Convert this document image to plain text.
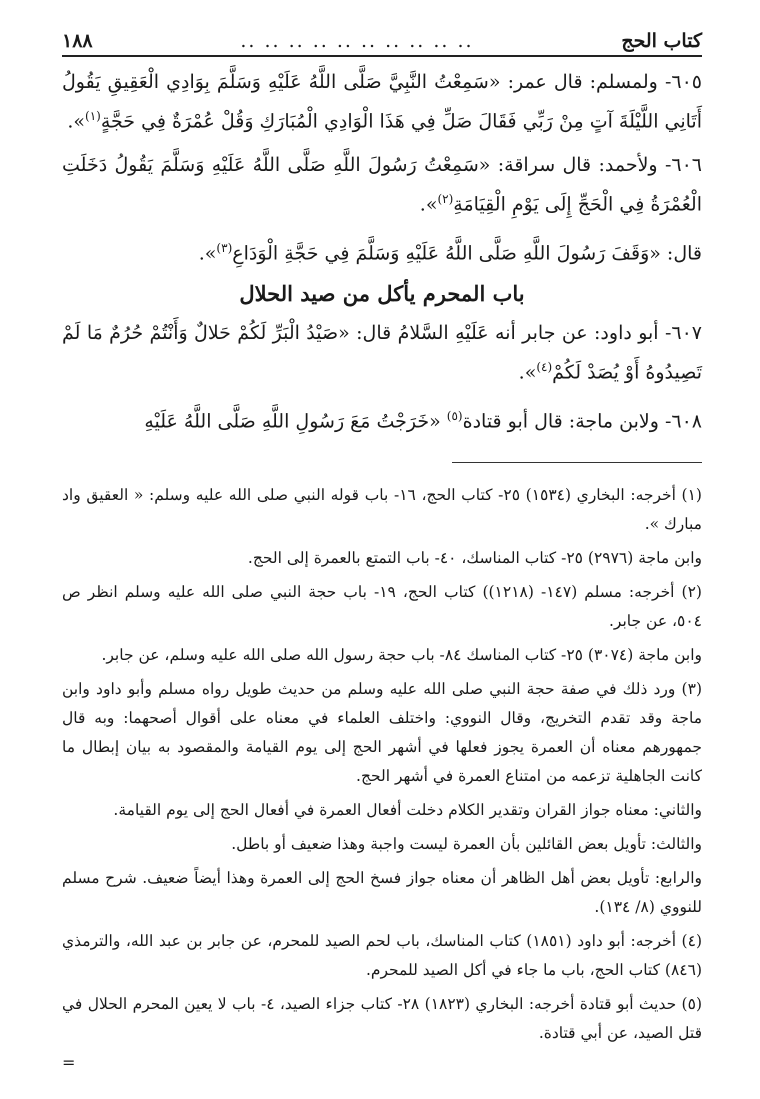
كتاب الحج
.. .. .. .. .. .. .. .. .. ..
١٨٨

٦٠٥- ولمسلم: قال عمر: «سَمِعْتُ النَّبِيَّ صَلَّى اللَّهُ عَلَيْهِ وَسَلَّمَ بِوَادِي الْعَقِيقِ يَقُولُ أَتَانِي اللَّيْلَةَ آتٍ مِنْ رَبِّي فَقَالَ صَلِّ فِي هَذَا الْوَادِي الْمُبَارَكِ وَقُلْ عُمْرَةٌ فِي حَجَّةٍ$^{(١)}$».

٦٠٦- ولأحمد: قال سراقة: «سَمِعْتُ رَسُولَ اللَّهِ صَلَّى اللَّهُ عَلَيْهِ وَسَلَّمَ يَقُولُ دَخَلَتِ الْعُمْرَةُ فِي الْحَجِّ إِلَى يَوْمِ الْقِيَامَةِ$^{(٢)}$».

قال: «وَقَفَ رَسُولَ اللَّهِ صَلَّى اللَّهُ عَلَيْهِ وَسَلَّمَ فِي حَجَّةِ الْوَدَاعِ$^{(٣)}$».

باب المحرم يأكل من صيد الحلال

٦٠٧- أبو داود: عن جابر أنه عَلَيْهِ السَّلامُ قال: «صَيْدُ الْبَرِّ لَكُمْ حَلالٌ وَأَنْتُمْ حُرُمٌ مَا لَمْ تَصِيدُوهُ أَوْ يُصَدْ لَكُمْ$^{(٤)}$».

٦٠٨- ولابن ماجة: قال أبو قتادة$^{(٥)}$ «خَرَجْتُ مَعَ رَسُولِ اللَّهِ صَلَّى اللَّهُ عَلَيْهِ

(١) أخرجه: البخاري (١٥٣٤) ٢٥- كتاب الحج، ١٦- باب قوله النبي صلى الله عليه وسلم: « العقيق واد مبارك ».

وابن ماجة (٢٩٧٦) ٢٥- كتاب المناسك، ٤٠- باب التمتع بالعمرة إلى الحج.

(٢) أخرجه: مسلم (١٤٧- (١٢١٨)) كتاب الحج، ١٩- باب حجة النبي صلى الله عليه وسلم انظر ص ٥٠٤، عن جابر.

وابن ماجة (٣٠٧٤) ٢٥- كتاب المناسك ٨٤- باب حجة رسول الله صلى الله عليه وسلم، عن جابر.

(٣) ورد ذلك في صفة حجة النبي صلى الله عليه وسلم من حديث طويل رواه مسلم وأبو داود وابن ماجة وقد تقدم التخريج، وقال النووي: واختلف العلماء في معناه على أقوال أصحهما: وبه قال جمهورهم معناه أن العمرة يجوز فعلها في أشهر الحج إلى يوم القيامة والمقصود به بيان إبطال ما كانت الجاهلية تزعمه من امتناع العمرة في أشهر الحج.

والثاني: معناه جواز القران وتقدير الكلام دخلت أفعال العمرة في أفعال الحج إلى يوم القيامة.

والثالث: تأويل بعض القائلين بأن العمرة ليست واجبة وهذا ضعيف أو باطل.

والرابع: تأويل بعض أهل الظاهر أن معناه جواز فسخ الحج إلى العمرة وهذا أيضاً ضعيف. شرح مسلم للنووي (٨/ ١٣٤).

(٤) أخرجه: أبو داود (١٨٥١) كتاب المناسك، باب لحم الصيد للمحرم، عن جابر بن عبد الله، والترمذي (٨٤٦) كتاب الحج، باب ما جاء في أكل الصيد للمحرم.

(٥) حديث أبو قتادة أخرجه: البخاري (١٨٢٣) ٢٨- كتاب جزاء الصيد، ٤- باب لا يعين المحرم الحلال في قتل الصيد، عن أبي قتادة.

=
